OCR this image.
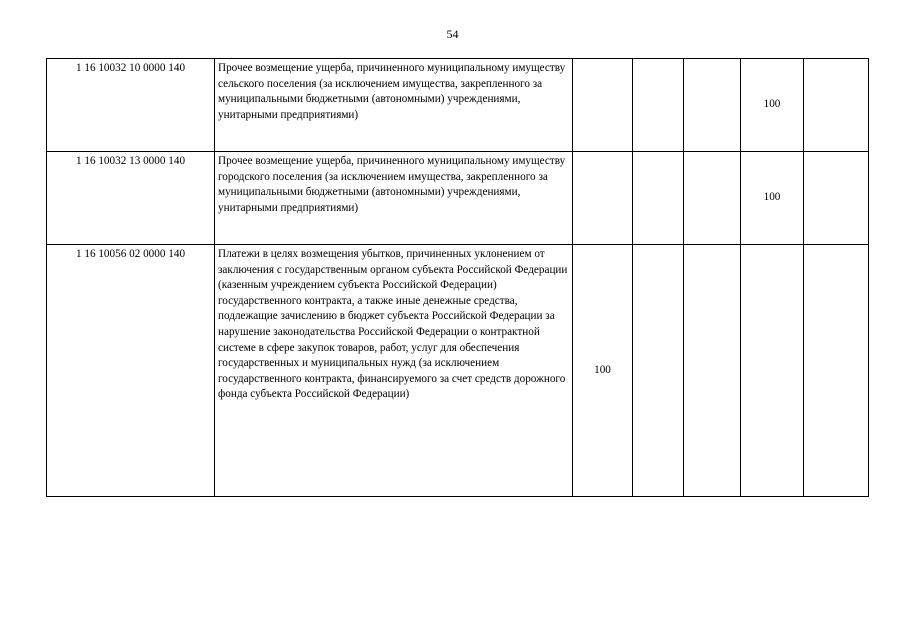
54
1 16 10032 10 0000 140	Прочее возмещение ущерба, причиненного муниципальному имуществу сельского поселения (за исключением имущества, закрепленного за муниципальными бюджетными (автономными) учреждениями, унитарными предприятиями)				100	
1 16 10032 13 0000 140	Прочее возмещение ущерба, причиненного муниципальному имуществу городского поселения (за исключением имущества, закрепленного за муниципальными бюджетными (автономными) учреждениями, унитарными предприятиями)				100	
1 16 10056 02 0000 140	Платежи в целях возмещения убытков, причиненных уклонением от заключения с государственным органом субъекта Российской Федерации (казенным учреждением субъекта Российской Федерации) государственного контракта, а также иные денежные средства, подлежащие зачислению в бюджет субъекта Российской Федерации за нарушение законодательства Российской Федерации о контрактной системе в сфере закупок товаров, работ, услуг для обеспечения государственных и муниципальных нужд (за исключением государственного контракта, финансируемого за счет средств дорожного фонда субъекта Российской Федерации)	100				
